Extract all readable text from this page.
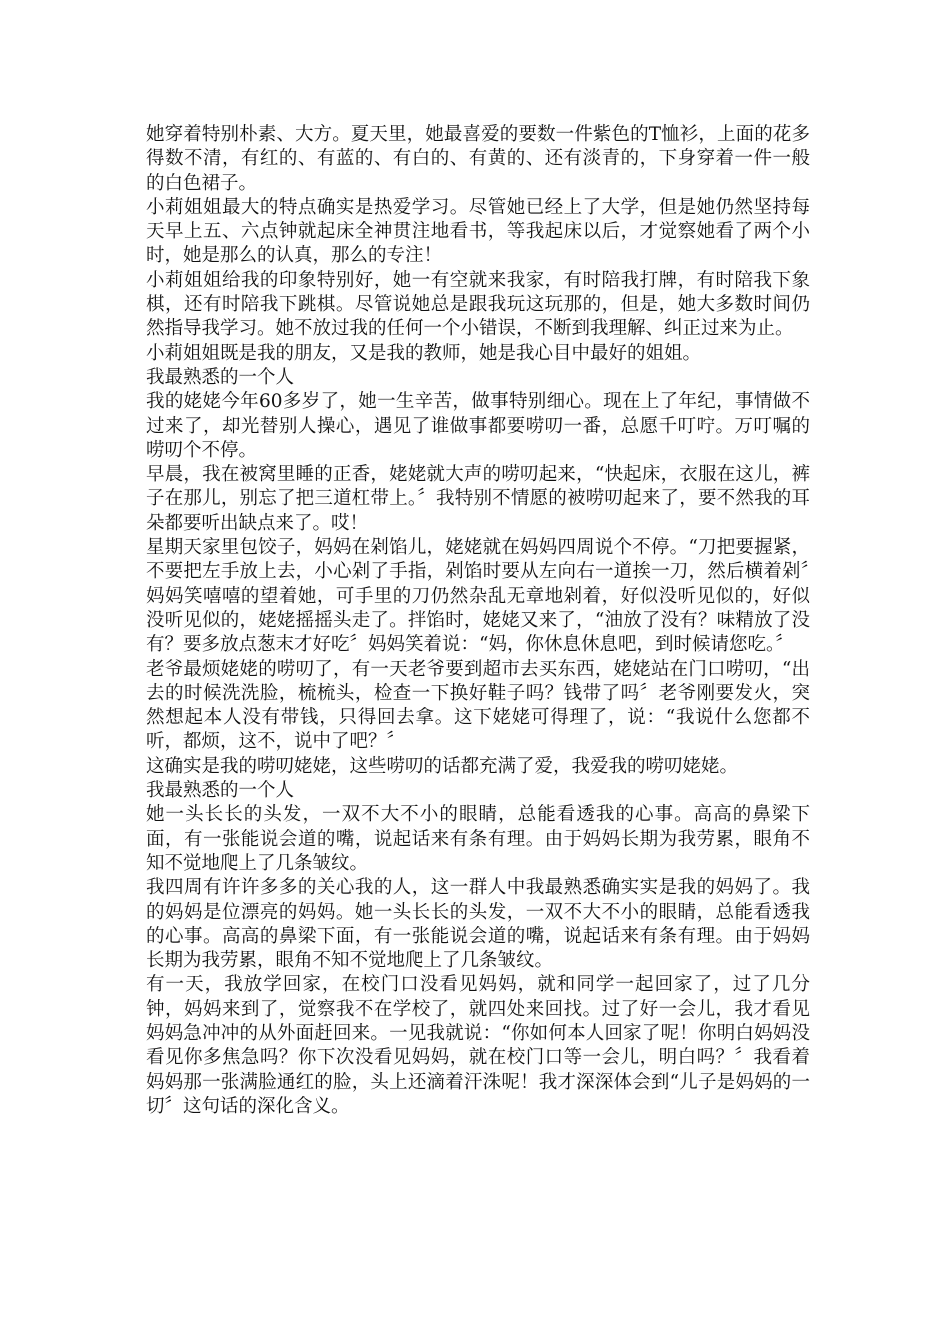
她穿着特别朴素、大方。夏天里，她最喜爱的要数一件紫色的T恤衫，上面的花多得数不清，有红的、有蓝的、有白的、有黄的、还有淡青的，下身穿着一件一般的白色裙子。

小莉姐姐最大的特点确实是热爱学习。尽管她已经上了大学，但是她仍然坚持每天早上五、六点钟就起床全神贯注地看书，等我起床以后，才觉察她看了两个小时，她是那么的认真，那么的专注！

小莉姐姐给我的印象特别好，她一有空就来我家，有时陪我打牌，有时陪我下象棋，还有时陪我下跳棋。尽管说她总是跟我玩这玩那的，但是，她大多数时间仍然指导我学习。她不放过我的任何一个小错误，不断到我理解、纠正过来为止。

小莉姐姐既是我的朋友，又是我的教师，她是我心目中最好的姐姐。

我最熟悉的一个人

我的姥姥今年60多岁了，她一生辛苦，做事特别细心。现在上了年纪，事情做不过来了，却光替别人操心，遇见了谁做事都要唠叨一番，总愿千叮咛。万叮嘱的唠叨个不停。

早晨，我在被窝里睡的正香，姥姥就大声的唠叨起来，“快起床，衣服在这儿，裤子在那儿，别忘了把三道杠带上。〞我特别不情愿的被唠叨起来了，要不然我的耳朵都要听出缺点来了。哎！

星期天家里包饺子，妈妈在剁馅儿，姥姥就在妈妈四周说个不停。“刀把要握紧，不要把左手放上去，小心剁了手指，剁馅时要从左向右一道挨一刀，然后横着剁〞妈妈笑嘻嘻的望着她，可手里的刀仍然杂乱无章地剁着，好似没听见似的，好似没听见似的，姥姥摇摇头走了。拌馅时，姥姥又来了，“油放了没有？味精放了没有？要多放点葱末才好吃〞妈妈笑着说：“妈，你休息休息吧，到时候请您吃。〞

老爷最烦姥姥的唠叨了，有一天老爷要到超市去买东西，姥姥站在门口唠叨，“出去的时候洗洗脸，梳梳头，检查一下换好鞋子吗？钱带了吗〞老爷刚要发火，突然想起本人没有带钱，只得回去拿。这下姥姥可得理了，说：“我说什么您都不听，都烦，这不，说中了吧？〞

这确实是我的唠叨姥姥，这些唠叨的话都充满了爱，我爱我的唠叨姥姥。

我最熟悉的一个人

她一头长长的头发，一双不大不小的眼睛，总能看透我的心事。高高的鼻梁下面，有一张能说会道的嘴，说起话来有条有理。由于妈妈长期为我劳累，眼角不知不觉地爬上了几条皱纹。

我四周有许许多多的关心我的人，这一群人中我最熟悉确实实是我的妈妈了。我的妈妈是位漂亮的妈妈。她一头长长的头发，一双不大不小的眼睛，总能看透我的心事。高高的鼻梁下面，有一张能说会道的嘴，说起话来有条有理。由于妈妈长期为我劳累，眼角不知不觉地爬上了几条皱纹。

有一天，我放学回家，在校门口没看见妈妈，就和同学一起回家了，过了几分钟，妈妈来到了，觉察我不在学校了，就四处来回找。过了好一会儿，我才看见妈妈急冲冲的从外面赶回来。一见我就说：“你如何本人回家了呢！你明白妈妈没看见你多焦急吗？你下次没看见妈妈，就在校门口等一会儿，明白吗？〞我看着妈妈那一张满脸通红的脸，头上还滴着汗洙呢！我才深深体会到“儿子是妈妈的一切〞这句话的深化含义。
